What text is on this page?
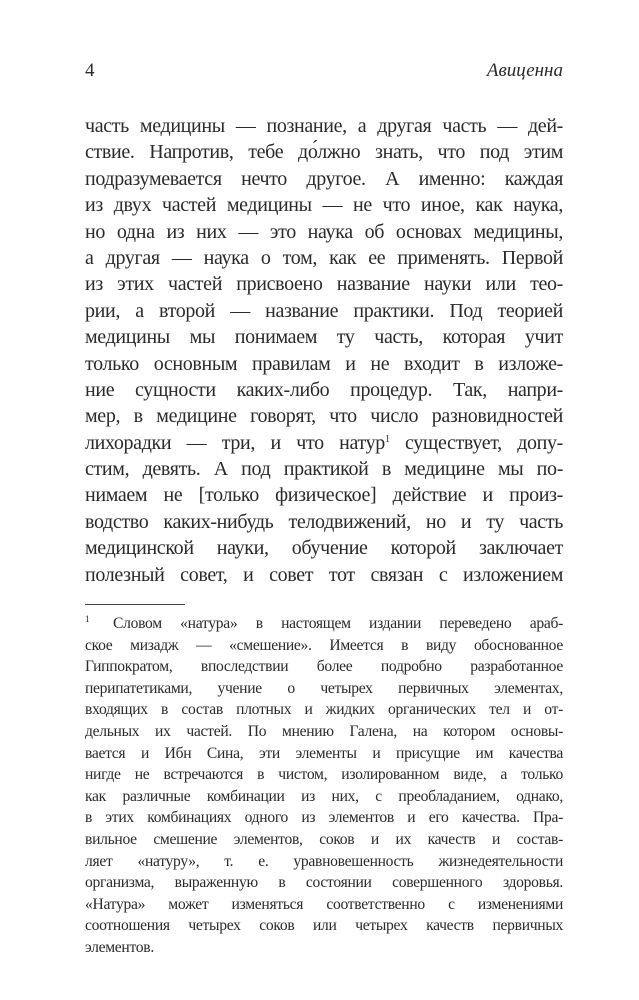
4	Авиценна
часть медицины — познание, а другая часть — дей-
ствие. Напротив, тебе до́лжно знать, что под этим
подразумевается нечто другое. А именно: каждая
из двух частей медицины — не что иное, как наука,
но одна из них — это наука об основах медицины,
а другая — наука о том, как ее применять. Первой
из этих частей присвоено название науки или тео-
рии, а второй — название практики. Под теорией
медицины мы понимаем ту часть, которая учит
только основным правилам и не входит в изложе-
ние сущности каких-либо процедур. Так, напри-
мер, в медицине говорят, что число разновидностей
лихорадки — три, и что натур$^1$ существует, допу-
стим, девять. А под практикой в медицине мы по-
нимаем не [только физическое] действие и произ-
водство каких-нибудь телодвижений, но и ту часть
медицинской науки, обучение которой заключает
полезный совет, и совет тот связан с изложением
$^1$ Словом «натура» в настоящем издании переведено араб-
ское мизадж — «смешение». Имеется в виду обоснованное
Гиппократом, впоследствии более подробно разработанное
перипатетиками, учение о четырех первичных элементах,
входящих в состав плотных и жидких органических тел и от-
дельных их частей. По мнению Галена, на котором основы-
вается и Ибн Сина, эти элементы и присущие им качества
нигде не встречаются в чистом, изолированном виде, а только
как различные комбинации из них, с преобладанием, однако,
в этих комбинациях одного из элементов и его качества. Пра-
вильное смешение элементов, соков и их качеств и состав-
ляет «натуру», т. е. уравновешенность жизнедеятельности
организма, выраженную в состоянии совершенного здоровья.
«Натура» может изменяться соответственно с изменениями
соотношения четырех соков или четырех качеств первичных
элементов.
